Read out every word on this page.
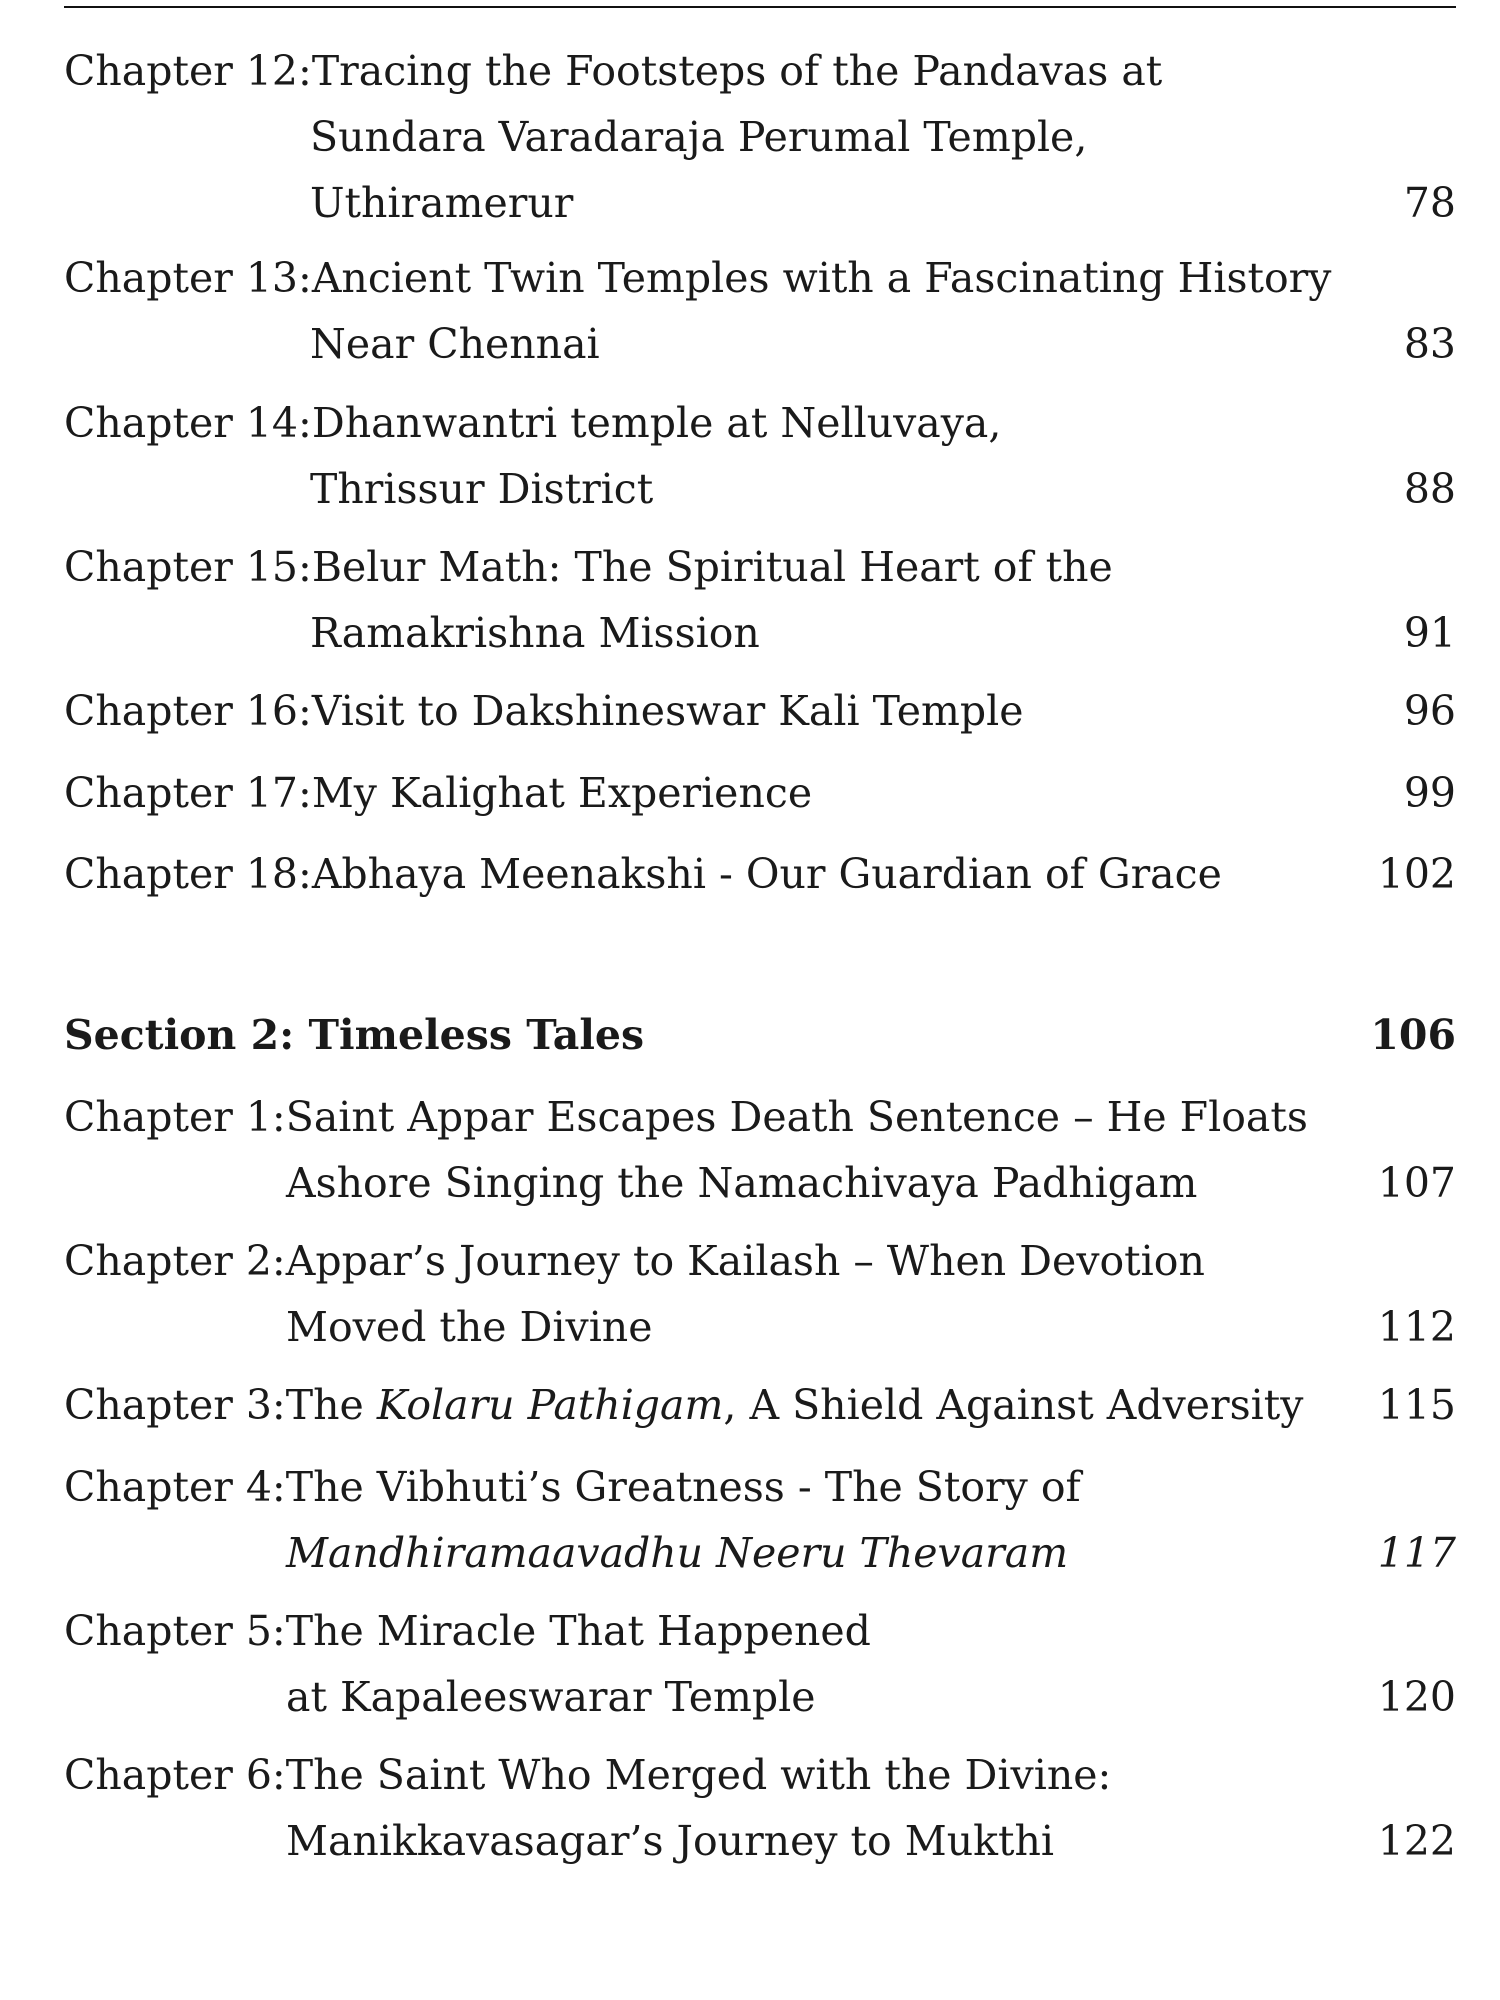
Chapter 12:Tracing the Footsteps of the Pandavas at
Sundara Varadaraja Perumal Temple,
Uthiramerur	78
Chapter 13:Ancient Twin Temples with a Fascinating History
Near Chennai	83
Chapter 14:Dhanwantri temple at Nelluvaya,
Thrissur District	88
Chapter 15:Belur Math: The Spiritual Heart of the
Ramakrishna Mission	91
Chapter 16:Visit to Dakshineswar Kali Temple	96
Chapter 17:My Kalighat Experience	99
Chapter 18:Abhaya Meenakshi - Our Guardian of Grace	102
Section 2: Timeless Tales	106
Chapter 1:Saint Appar Escapes Death Sentence – He Floats
Ashore Singing the Namachivaya Padhigam	107
Chapter 2:Appar’s Journey to Kailash – When Devotion
Moved the Divine	112
Chapter 3:The Kolaru Pathigam, A Shield Against Adversity 115
Chapter 4:The Vibhuti’s Greatness - The Story of
Mandhiramaavadhu Neeru Thevaram	117
Chapter 5:The Miracle That Happened
at Kapaleeswarar Temple	120
Chapter 6:The Saint Who Merged with the Divine:
Manikkavasagar’s Journey to Mukthi	122
